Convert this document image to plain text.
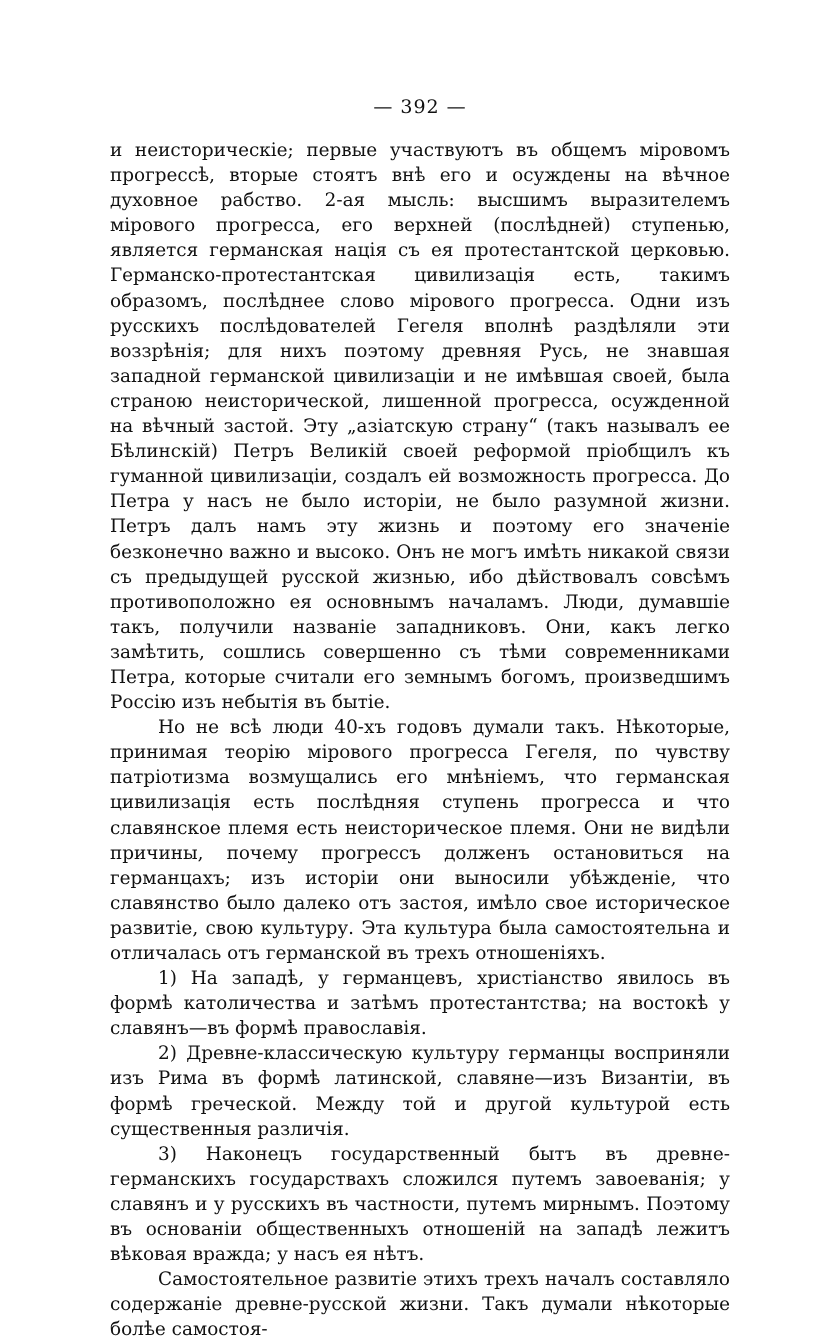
— 392 —

и неисторическiе; первые участвуютъ въ общемъ мiровомъ прогрессѣ, вторые стоятъ внѣ его и осуждены на вѣчное духовное рабство. 2-ая мысль: высшимъ выразителемъ мiрового прогресса, его верхней (послѣдней) ступенью, является германская нацiя съ ея протестантской церковью. Германско-протестантская цивилизацiя есть, такимъ образомъ, послѣднее слово мiрового прогресса. Одни изъ русскихъ послѣдователей Гегеля вполнѣ раздѣляли эти воззрѣнiя; для нихъ поэтому древняя Русь, не знавшая западной германской цивилизацiи и не имѣвшая своей, была страною неисторической, лишенной прогресса, осужденной на вѣчный застой. Эту „азiатскую страну“ (такъ называлъ ее Бѣлинскiй) Петръ Великiй своей реформой прiобщилъ къ гуманной цивилизацiи, создалъ ей возможность прогресса. До Петра у насъ не было исторiи, не было разумной жизни. Петръ далъ намъ эту жизнь и поэтому его значенiе безконечно важно и высоко. Онъ не могъ имѣть никакой связи съ предыдущей русской жизнью, ибо дѣйствовалъ совсѣмъ противоположно ея основнымъ началамъ. Люди, думавшiе такъ, получили названiе западниковъ. Они, какъ легко замѣтить, сошлись совершенно съ тѣми современниками Петра, которые считали его земнымъ богомъ, произведшимъ Россiю изъ небытiя въ бытiе.

Но не всѣ люди 40-хъ годовъ думали такъ. Нѣкоторые, принимая теорiю мiрового прогресса Гегеля, по чувству патрiотизма возмущались его мнѣнiемъ, что германская цивилизацiя есть послѣдняя ступень прогресса и что славянское племя есть неисторическое племя. Они не видѣли причины, почему прогрессъ долженъ остановиться на германцахъ; изъ исторiи они выносили убѣжденiе, что славянство было далеко отъ застоя, имѣло свое историческое развитiе, свою культуру. Эта культура была самостоятельна и отличалась отъ германской въ трехъ отношенiяхъ.

1) На западѣ, у германцевъ, христiанство явилось въ формѣ католичества и затѣмъ протестантства; на востокѣ у славянъ—въ формѣ православiя.

2) Древне-классическую культуру германцы восприняли изъ Рима въ формѣ латинской, славяне—изъ Византiи, въ формѣ греческой. Между той и другой культурой есть существенныя различiя.

3) Наконецъ государственный бытъ въ древне-германскихъ государствахъ сложился путемъ завоеванiя; у славянъ и у русскихъ въ частности, путемъ мирнымъ. Поэтому въ основанiи общественныхъ отношенiй на западѣ лежитъ вѣковая вражда; у насъ ея нѣтъ.

Самостоятельное развитiе этихъ трехъ началъ составляло содержанiе древне-русской жизни. Такъ думали нѣкоторые болѣе самостоя-
